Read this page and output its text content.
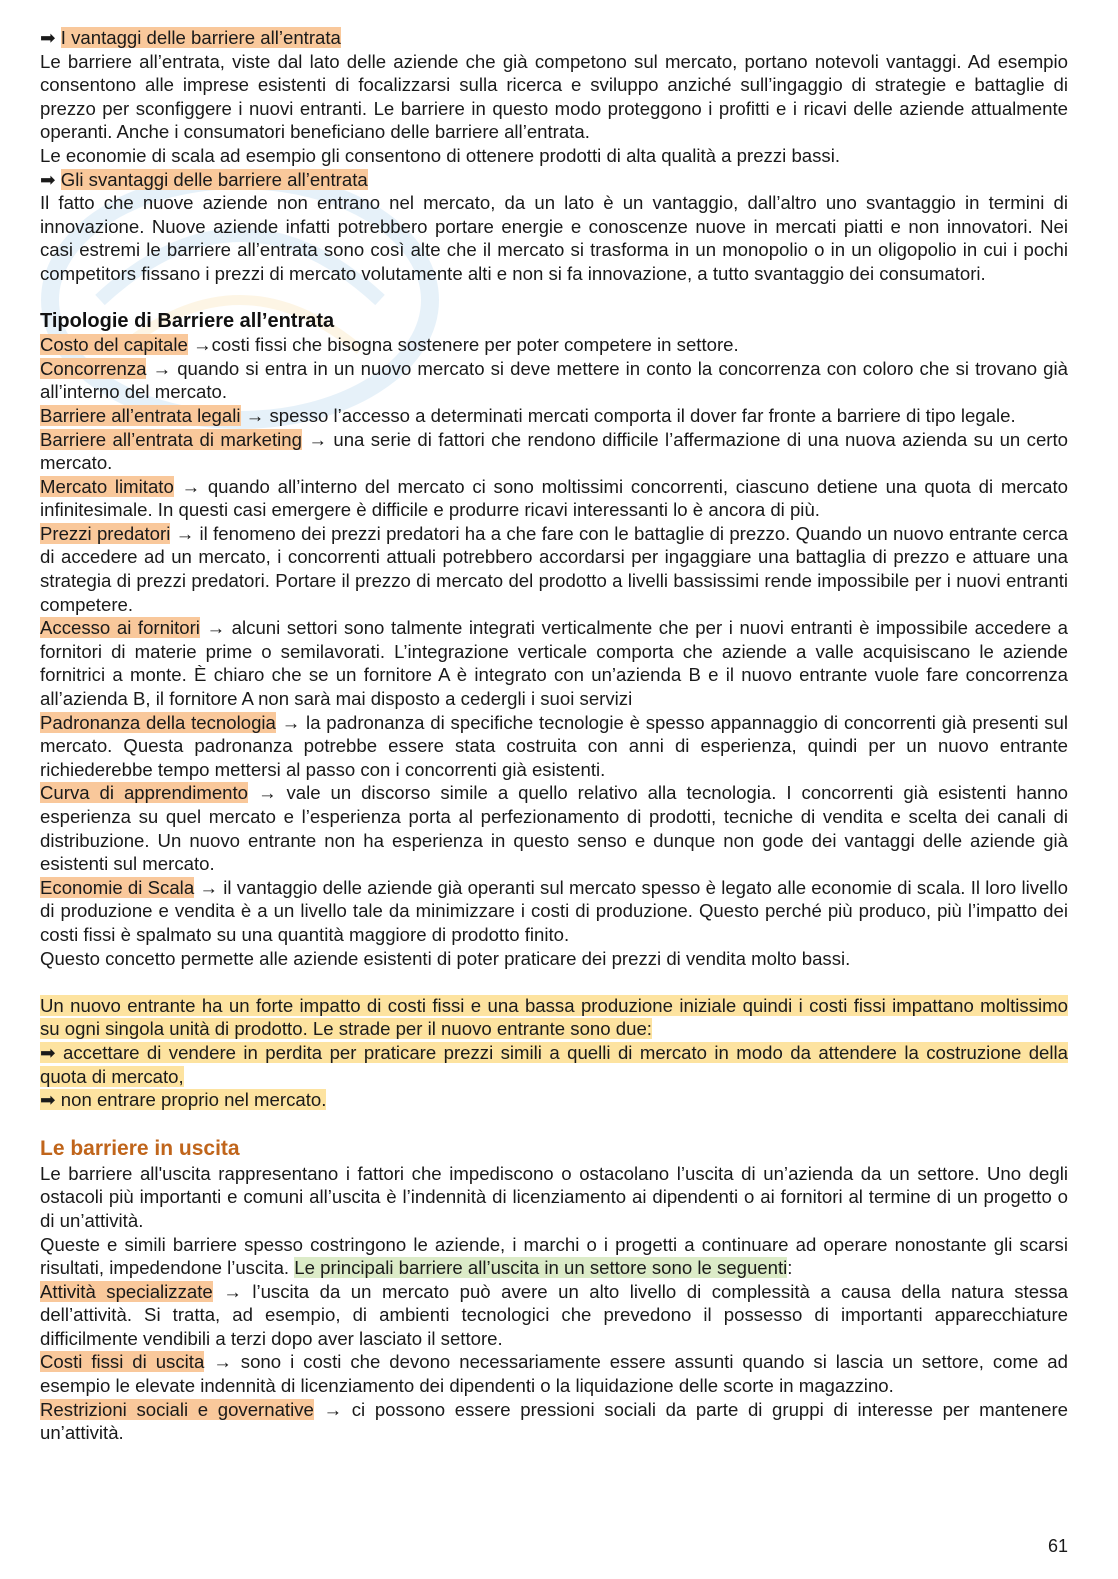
➡ I vantaggi delle barriere all’entrata

Le barriere all’entrata, viste dal lato delle aziende che già competono sul mercato, portano notevoli vantaggi. Ad esempio consentono alle imprese esistenti di focalizzarsi sulla ricerca e sviluppo anziché sull’ingaggio di strategie e battaglie di prezzo per sconfiggere i nuovi entranti. Le barriere in questo modo proteggono i profitti e i ricavi delle aziende attualmente operanti. Anche i consumatori beneficiano delle barriere all’entrata.

Le economie di scala ad esempio gli consentono di ottenere prodotti di alta qualità a prezzi bassi.

➡ Gli svantaggi delle barriere all’entrata

Il fatto che nuove aziende non entrano nel mercato, da un lato è un vantaggio, dall’altro uno svantaggio in termini di innovazione. Nuove aziende infatti potrebbero portare energie e conoscenze nuove in mercati piatti e non innovatori. Nei casi estremi le barriere all’entrata sono così alte che il mercato si trasforma in un monopolio o in un oligopolio in cui i pochi competitors fissano i prezzi di mercato volutamente alti e non si fa innovazione, a tutto svantaggio dei consumatori.

Tipologie di Barriere all’entrata

Costo del capitale →costi fissi che bisogna sostenere per poter competere in settore.

Concorrenza → quando si entra in un nuovo mercato si deve mettere in conto la concorrenza con coloro che si trovano già all’interno del mercato.

Barriere all’entrata legali → spesso l’accesso a determinati mercati comporta il dover far fronte a barriere di tipo legale.

Barriere all’entrata di marketing → una serie di fattori che rendono difficile l’affermazione di una nuova azienda su un certo mercato.

Mercato limitato → quando all’interno del mercato ci sono moltissimi concorrenti, ciascuno detiene una quota di mercato infinitesimale. In questi casi emergere è difficile e produrre ricavi interessanti lo è ancora di più.

Prezzi predatori → il fenomeno dei prezzi predatori ha a che fare con le battaglie di prezzo. Quando un nuovo entrante cerca di accedere ad un mercato, i concorrenti attuali potrebbero accordarsi per ingaggiare una battaglia di prezzo e attuare una strategia di prezzi predatori. Portare il prezzo di mercato del prodotto a livelli bassissimi rende impossibile per i nuovi entranti competere.

Accesso ai fornitori → alcuni settori sono talmente integrati verticalmente che per i nuovi entranti è impossibile accedere a fornitori di materie prime o semilavorati. L’integrazione verticale comporta che aziende a valle acquisiscano le aziende fornitrici a monte. È chiaro che se un fornitore A è integrato con un’azienda B e il nuovo entrante vuole fare concorrenza all’azienda B, il fornitore A non sarà mai disposto a cedergli i suoi servizi

Padronanza della tecnologia → la padronanza di specifiche tecnologie è spesso appannaggio di concorrenti già presenti sul mercato. Questa padronanza potrebbe essere stata costruita con anni di esperienza, quindi per un nuovo entrante richiederebbe tempo mettersi al passo con i concorrenti già esistenti.

Curva di apprendimento → vale un discorso simile a quello relativo alla tecnologia. I concorrenti già esistenti hanno esperienza su quel mercato e l’esperienza porta al perfezionamento di prodotti, tecniche di vendita e scelta dei canali di distribuzione. Un nuovo entrante non ha esperienza in questo senso e dunque non gode dei vantaggi delle aziende già esistenti sul mercato.

Economie di Scala → il vantaggio delle aziende già operanti sul mercato spesso è legato alle economie di scala. Il loro livello di produzione e vendita è a un livello tale da minimizzare i costi di produzione. Questo perché più produco, più l’impatto dei costi fissi è spalmato su una quantità maggiore di prodotto finito.

Questo concetto permette alle aziende esistenti di poter praticare dei prezzi di vendita molto bassi.

Un nuovo entrante ha un forte impatto di costi fissi e una bassa produzione iniziale quindi i costi fissi impattano moltissimo su ogni singola unità di prodotto. Le strade per il nuovo entrante sono due:

➡ accettare di vendere in perdita per praticare prezzi simili a quelli di mercato in modo da attendere la costruzione della quota di mercato,

➡ non entrare proprio nel mercato.

Le barriere in uscita

Le barriere all'uscita rappresentano i fattori che impediscono o ostacolano l’uscita di un’azienda da un settore. Uno degli ostacoli più importanti e comuni all’uscita è l’indennità di licenziamento ai dipendenti o ai fornitori al termine di un progetto o di un’attività.

Queste e simili barriere spesso costringono le aziende, i marchi o i progetti a continuare ad operare nonostante gli scarsi risultati, impedendone l’uscita. Le principali barriere all’uscita in un settore sono le seguenti:

Attività specializzate → l’uscita da un mercato può avere un alto livello di complessità a causa della natura stessa dell’attività. Si tratta, ad esempio, di ambienti tecnologici che prevedono il possesso di importanti apparecchiature difficilmente vendibili a terzi dopo aver lasciato il settore.

Costi fissi di uscita → sono i costi che devono necessariamente essere assunti quando si lascia un settore, come ad esempio le elevate indennità di licenziamento dei dipendenti o la liquidazione delle scorte in magazzino.

Restrizioni sociali e governative → ci possono essere pressioni sociali da parte di gruppi di interesse per mantenere un’attività.

61
